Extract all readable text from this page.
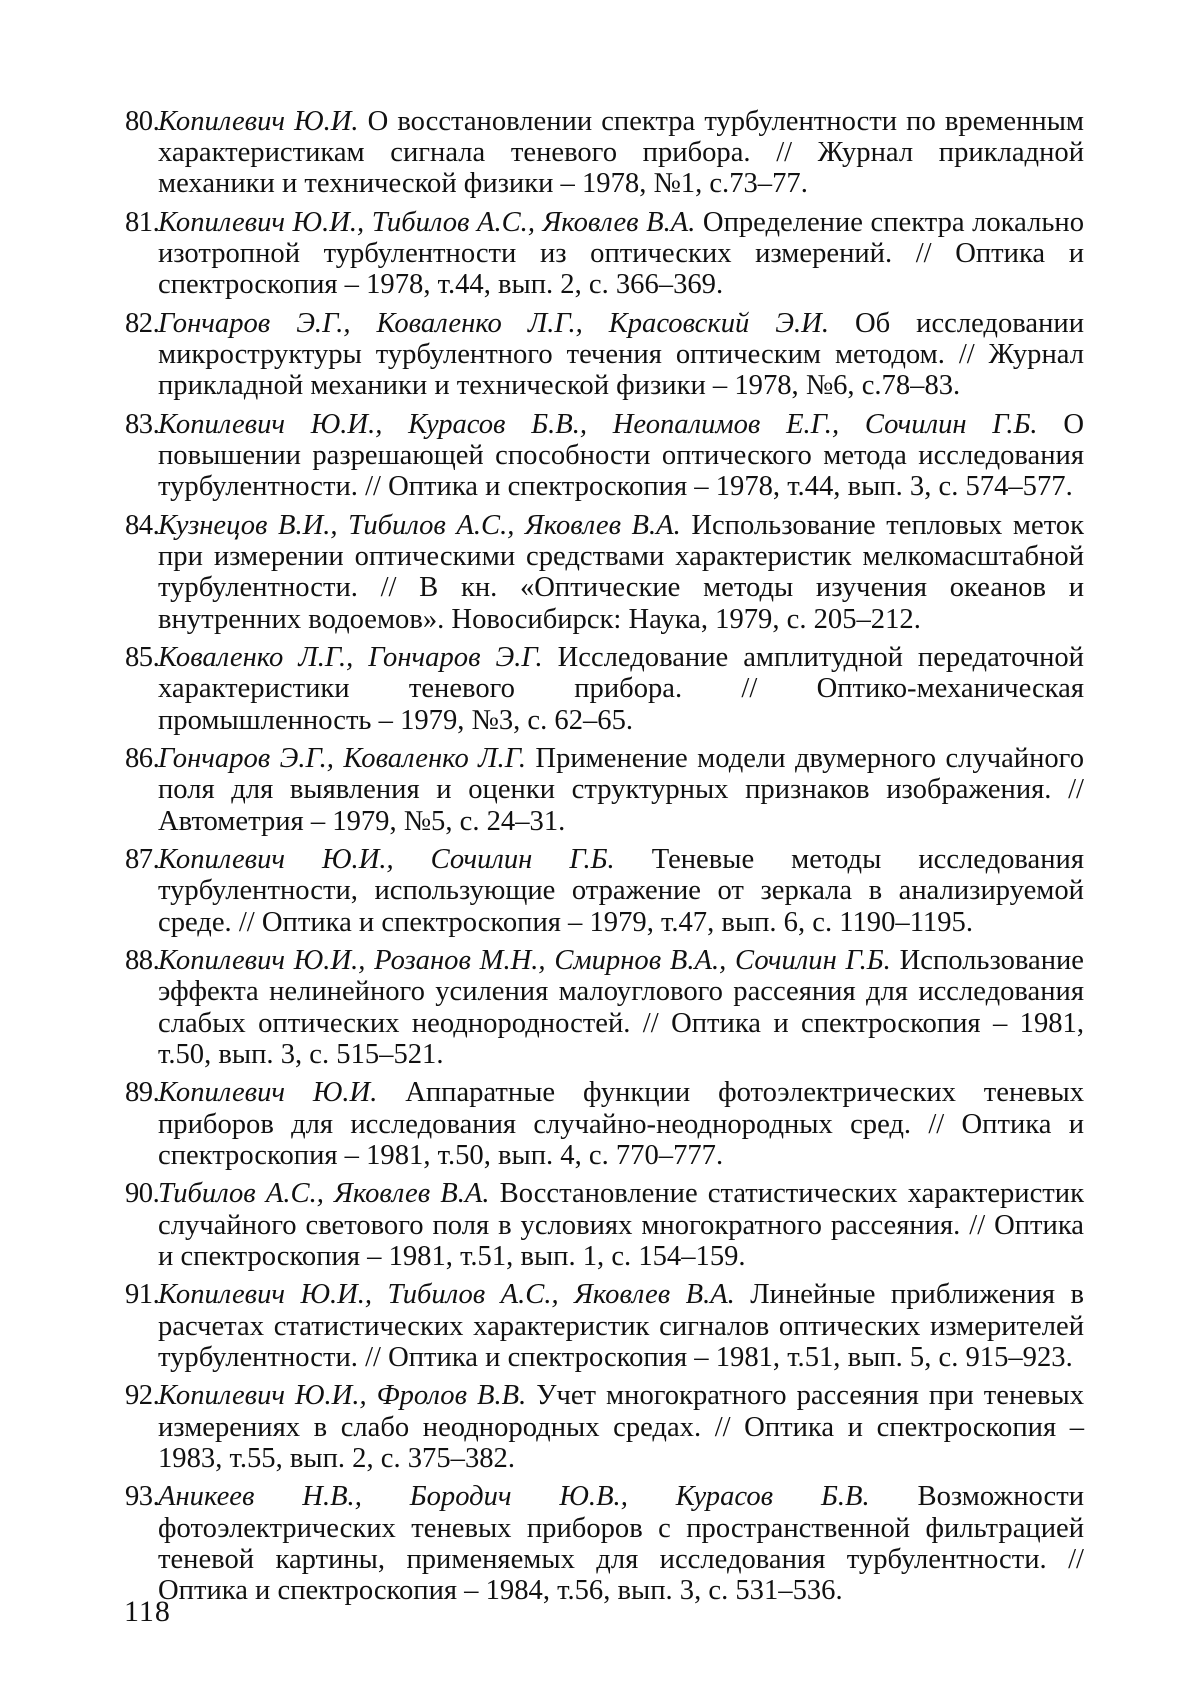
80.
Копилевич Ю.И. О восстановлении спектра турбулентности по временным характеристикам сигнала теневого прибора. // Журнал прикладной механики и технической физики – 1978, №1, с.73–77.
81.
Копилевич Ю.И., Тибилов А.С., Яковлев В.А. Определение спектра локально изотропной турбулентности из оптических измерений. // Оптика и спектроскопия – 1978, т.44, вып. 2, с. 366–369.
82.
Гончаров Э.Г., Коваленко Л.Г., Красовский Э.И. Об исследовании микроструктуры турбулентного течения оптическим методом. // Журнал прикладной механики и технической физики – 1978, №6, с.78–83.
83.
Копилевич Ю.И., Курасов Б.В., Неопалимов Е.Г., Сочилин Г.Б. О повышении разрешающей способности оптического метода исследования турбулентности. // Оптика и спектроскопия – 1978, т.44, вып. 3, с. 574–577.
84.
Кузнецов В.И., Тибилов А.С., Яковлев В.А. Использование тепловых меток при измерении оптическими средствами характеристик мелкомасштабной турбулентности. // В кн. «Оптические методы изучения океанов и внутренних водоемов». Новосибирск: Наука, 1979, с. 205–212.
85.
Коваленко Л.Г., Гончаров Э.Г. Исследование амплитудной передаточной характеристики теневого прибора. // Оптико-механическая промышленность – 1979, №3, с. 62–65.
86.
Гончаров Э.Г., Коваленко Л.Г. Применение модели двумерного случайного поля для выявления и оценки структурных признаков изображения. // Автометрия – 1979, №5, с. 24–31.
87.
Копилевич Ю.И., Сочилин Г.Б. Теневые методы исследования турбулентности, использующие отражение от зеркала в анализируемой среде. // Оптика и спектроскопия – 1979, т.47, вып. 6, с. 1190–1195.
88.
Копилевич Ю.И., Розанов М.Н., Смирнов В.А., Сочилин Г.Б. Использование эффекта нелинейного усиления малоуглового рассеяния для исследования слабых оптических неоднородностей. // Оптика и спектроскопия – 1981, т.50, вып. 3, с. 515–521.
89.
Копилевич Ю.И. Аппаратные функции фотоэлектрических теневых приборов для исследования случайно-неоднородных сред. // Оптика и спектроскопия – 1981, т.50, вып. 4, с. 770–777.
90.
Тибилов А.С., Яковлев В.А. Восстановление статистических характеристик случайного светового поля в условиях многократного рассеяния. // Оптика и спектроскопия – 1981, т.51, вып. 1, с. 154–159.
91.
Копилевич Ю.И., Тибилов А.С., Яковлев В.А. Линейные приближения в расчетах статистических характеристик сигналов оптических измерителей турбулентности. // Оптика и спектроскопия – 1981, т.51, вып. 5, с. 915–923.
92.
Копилевич Ю.И., Фролов В.В. Учет многократного рассеяния при теневых измерениях в слабо неоднородных средах. // Оптика и спектроскопия – 1983, т.55, вып. 2, с. 375–382.
93.
Аникеев Н.В., Бородич Ю.В., Курасов Б.В. Возможности фотоэлектрических теневых приборов с пространственной фильтрацией теневой картины, применяемых для исследования турбулентности. // Оптика и спектроскопия – 1984, т.56, вып. 3, с. 531–536.
118
